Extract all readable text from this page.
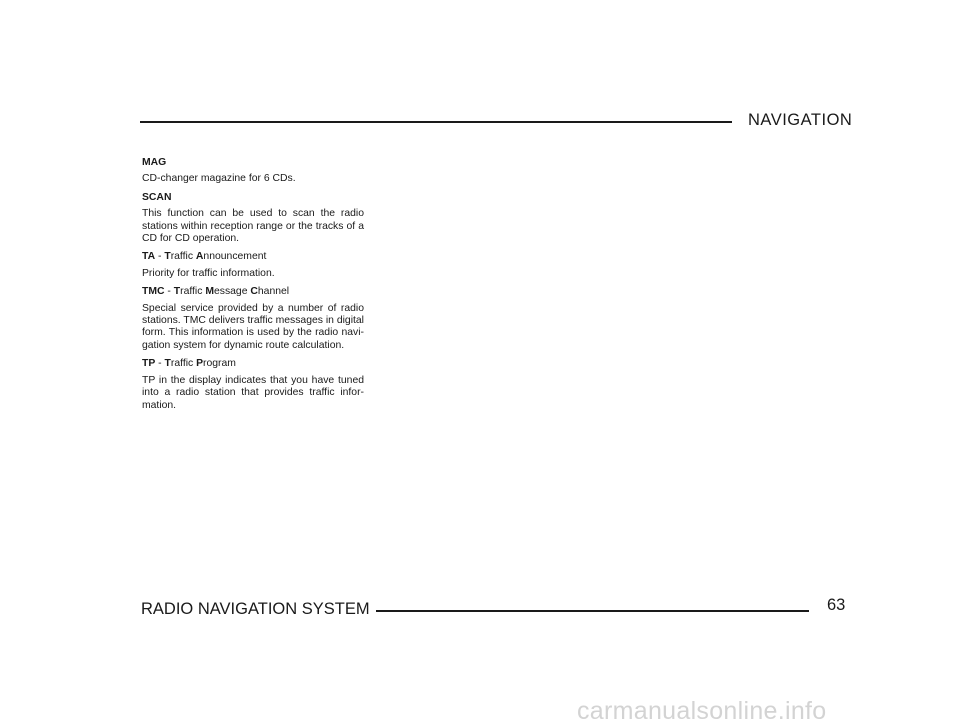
NAVIGATION
MAG
CD-changer magazine for 6 CDs.
SCAN
This function can be used to scan the radio stations within reception range or the tracks of a CD for CD operation.
TA - Traffic Announcement
Priority for traffic information.
TMC - Traffic Message Channel
Special service provided by a number of radio stations. TMC delivers traffic messages in digital form. This information is used by the radio navi-gation system for dynamic route calculation.
TP - Traffic Program
TP in the display indicates that you have tuned into a radio station that provides traffic infor-mation.
RADIO NAVIGATION SYSTEM	63
carmanualsonline.info
